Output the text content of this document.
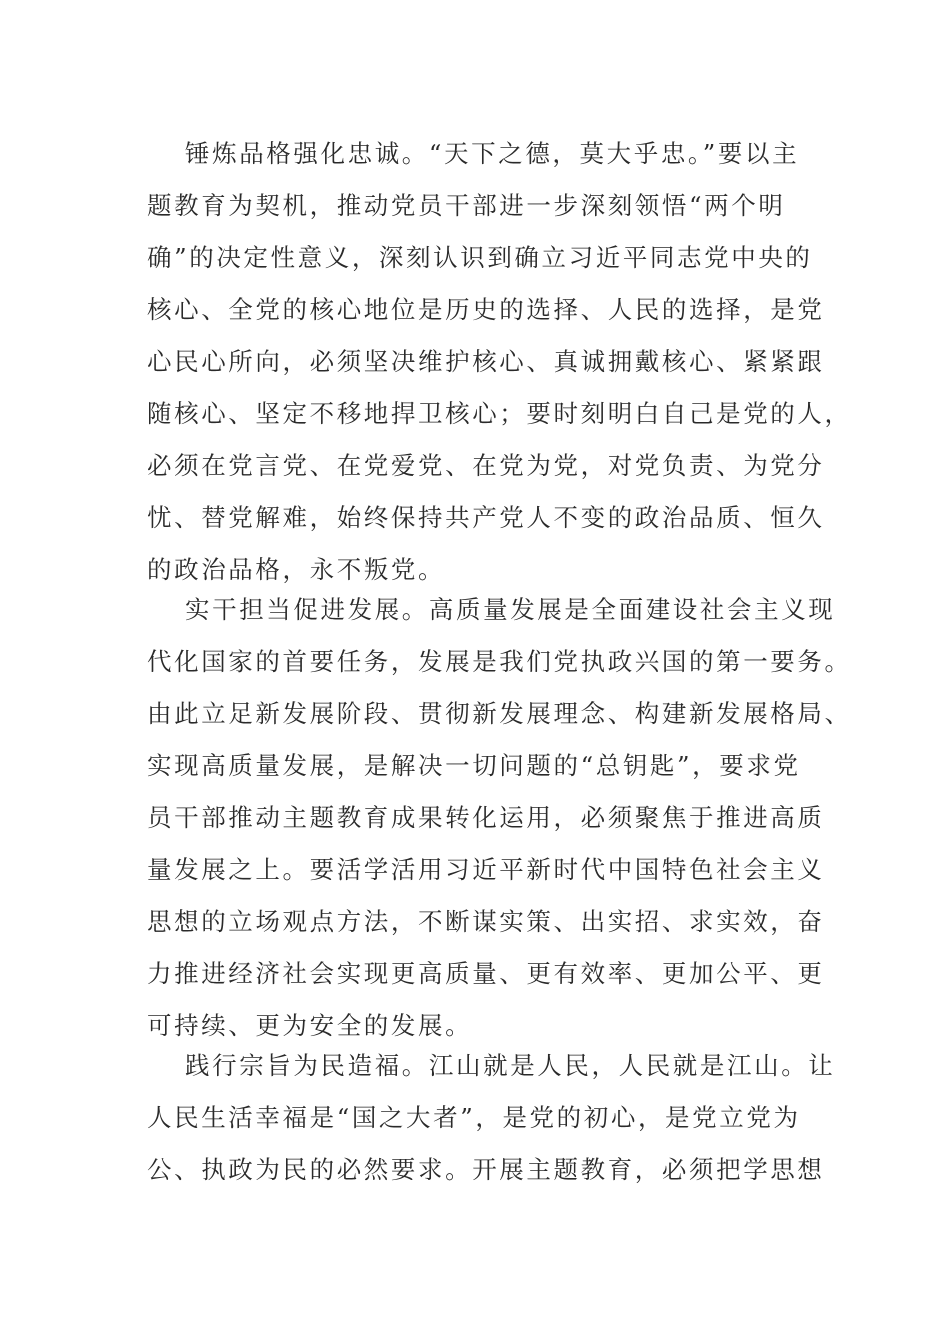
锤炼品格强化忠诚。“天下之德，莫大乎忠。”要以主
题教育为契机，推动党员干部进一步深刻领悟“两个明
确”的决定性意义，深刻认识到确立习近平同志党中央的
核心、全党的核心地位是历史的选择、人民的选择，是党
心民心所向，必须坚决维护核心、真诚拥戴核心、紧紧跟
随核心、坚定不移地捍卫核心；要时刻明白自己是党的人，
必须在党言党、在党爱党、在党为党，对党负责、为党分
忧、替党解难，始终保持共产党人不变的政治品质、恒久
的政治品格，永不叛党。
实干担当促进发展。高质量发展是全面建设社会主义现
代化国家的首要任务，发展是我们党执政兴国的第一要务。
由此立足新发展阶段、贯彻新发展理念、构建新发展格局、
实现高质量发展，是解决一切问题的“总钥匙”，要求党
员干部推动主题教育成果转化运用，必须聚焦于推进高质
量发展之上。要活学活用习近平新时代中国特色社会主义
思想的立场观点方法，不断谋实策、出实招、求实效，奋
力推进经济社会实现更高质量、更有效率、更加公平、更
可持续、更为安全的发展。
践行宗旨为民造福。江山就是人民，人民就是江山。让
人民生活幸福是“国之大者”，是党的初心，是党立党为
公、执政为民的必然要求。开展主题教育，必须把学思想
